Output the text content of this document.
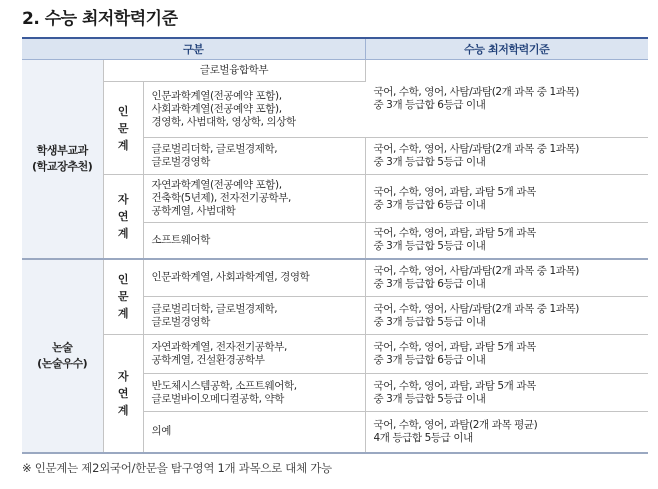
2. 수능 최저학력기준
구분			수능 최저학력기준

학생부교과
(학교장추천)	글로벌융합학부		국어, 수학, 영어, 사탐/과탐(2개 과목 중 1과목)
중 3개 등급합 6등급 이내

	인
문
계	인문과학계열(전공예약 포함),
사회과학계열(전공예약 포함),
경영학, 사범대학, 영상학, 의상학	

		글로벌리더학, 글로벌경제학,
글로벌경영학	국어, 수학, 영어, 사탐/과탐(2개 과목 중 1과목)
중 3개 등급합 5등급 이내

	자
연
계	자연과학계열(전공예약 포함),
건축학(5년제), 전자전기공학부,
공학계열, 사범대학	국어, 수학, 영어, 과탐, 과탐 5개 과목
중 3개 등급합 6등급 이내

		소프트웨어학	국어, 수학, 영어, 과탐, 과탐 5개 과목
중 3개 등급합 5등급 이내

논술
(논술우수)	인
문
계	인문과학계열, 사회과학계열, 경영학	국어, 수학, 영어, 사탐/과탐(2개 과목 중 1과목)
중 3개 등급합 6등급 이내

		글로벌리더학, 글로벌경제학,
글로벌경영학	국어, 수학, 영어, 사탐/과탐(2개 과목 중 1과목)
중 3개 등급합 5등급 이내

	자
연
계	자연과학계열, 전자전기공학부,
공학계열, 건설환경공학부	국어, 수학, 영어, 과탐, 과탐 5개 과목
중 3개 등급합 6등급 이내

		반도체시스템공학, 소프트웨어학,
글로벌바이오메디컬공학, 약학	국어, 수학, 영어, 과탐, 과탐 5개 과목
중 3개 등급합 5등급 이내

		의예	국어, 수학, 영어, 과탐(2개 과목 평균)
4개 등급합 5등급 이내
※ 인문계는 제2외국어/한문을 탐구영역 1개 과목으로 대체 가능
